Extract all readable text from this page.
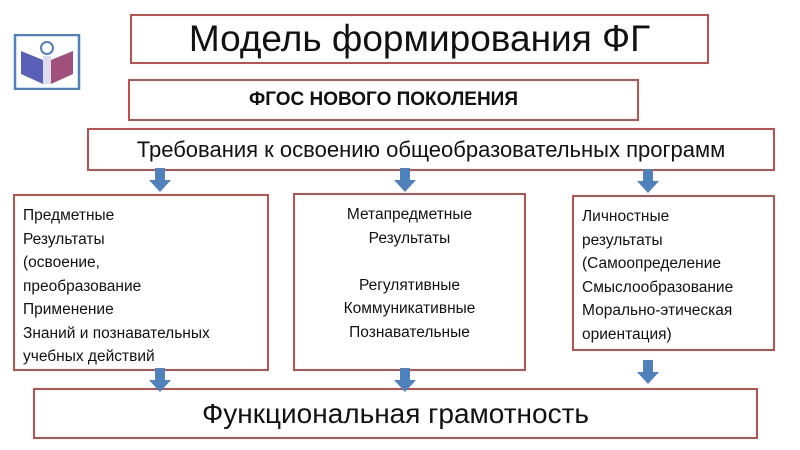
Модель формирования ФГ
ФГОС НОВОГО ПОКОЛЕНИЯ
Требования к освоению общеобразовательных программ
Предметные
Результаты
(освоение,
преобразование
Применение
Знаний и познавательных
учебных действий
Метапредметные
Результаты
Регулятивные
Коммуникативные
Познавательные
Личностные
результаты
(Самоопределение
Смыслообразование
Морально-этическая
ориентация)
Функциональная грамотность
